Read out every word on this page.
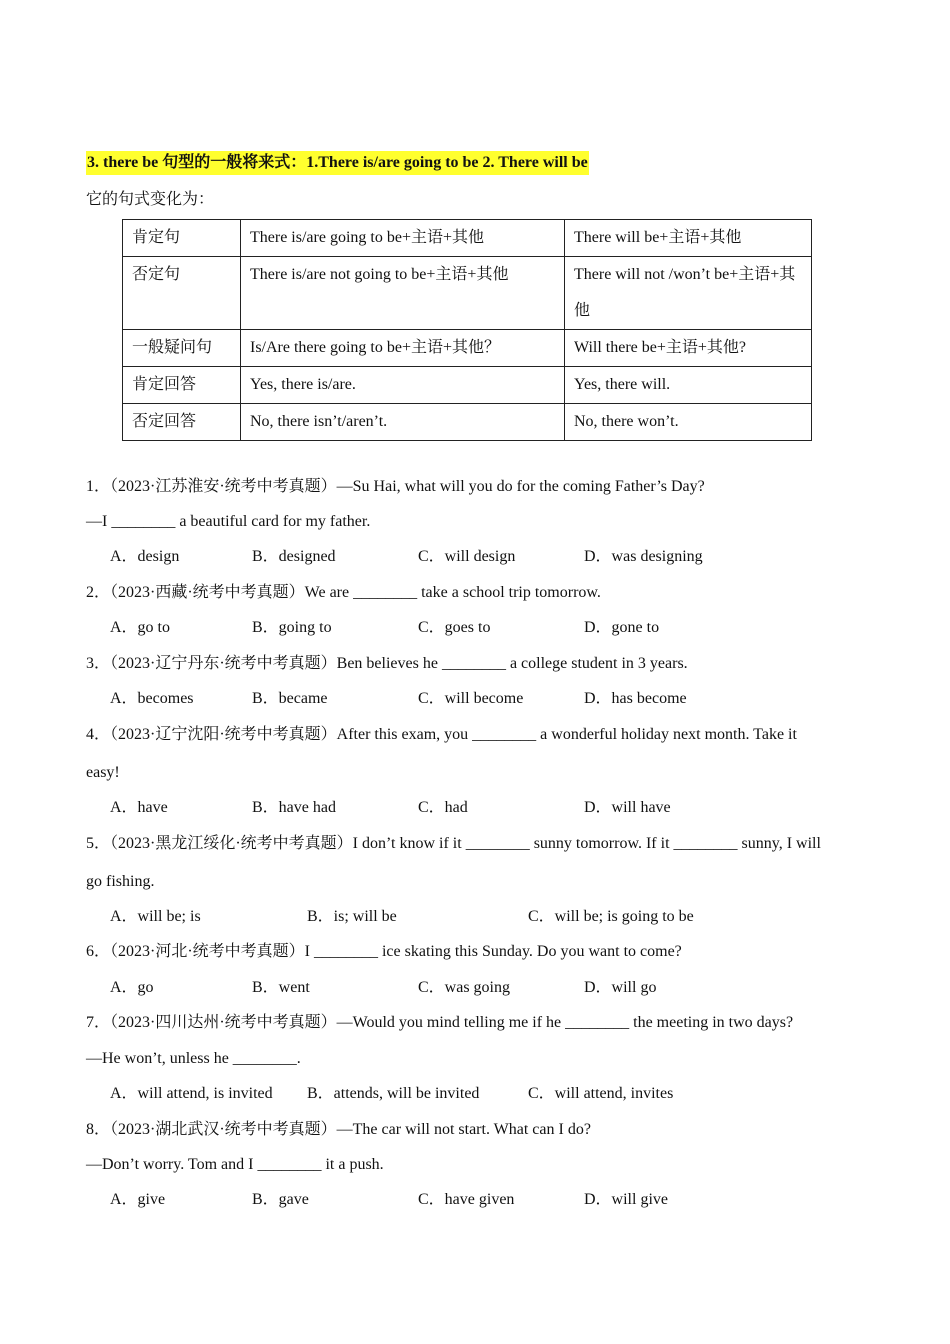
3. there be 句型的一般将来式：1.There is/are going to be 2. There will be
它的句式变化为：
肯定句	There is/are going to be+主语+其他	There will be+主语+其他
否定句	There is/are not going to be+主语+其他	There will not /won’t be+主语+其他
一般疑问句	Is/Are there going to be+主语+其他？	Will there be+主语+其他?
肯定回答	Yes, there is/are.	Yes, there will.
否定回答	No, there isn’t/aren’t.	No, there won’t.
1．（2023·江苏淮安·统考中考真题）—Su Hai, what will you do for the coming Father’s Day?
—I ________ a beautiful card for my father.
A．design	B．designed	C．will design	D．was designing
2．（2023·西藏·统考中考真题）We are ________ take a school trip tomorrow.
A．go to	B．going to	C．goes to	D．gone to
3．（2023·辽宁丹东·统考中考真题）Ben believes he ________ a college student in 3 years.
A．becomes	B．became	C．will become	D．has become
4．（2023·辽宁沈阳·统考中考真题）After this exam, you ________ a wonderful holiday next month. Take it
easy!
A．have	B．have had	C．had	D．will have
5．（2023·黑龙江绥化·统考中考真题）I don’t know if it ________ sunny tomorrow. If it ________ sunny, I will
go fishing.
A．will be; is	B．is; will be	C．will be; is going to be
6．（2023·河北·统考中考真题）I ________ ice skating this Sunday. Do you want to come?
A．go	B．went	C．was going	D．will go
7．（2023·四川达州·统考中考真题）—Would you mind telling me if he ________ the meeting in two days?
—He won’t, unless he ________.
A．will attend, is invited B．attends, will be invited	C．will attend, invites
8．（2023·湖北武汉·统考中考真题）—The car will not start. What can I do?
—Don’t worry. Tom and I ________ it a push.
A．give	B．gave	C．have given	D．will give
